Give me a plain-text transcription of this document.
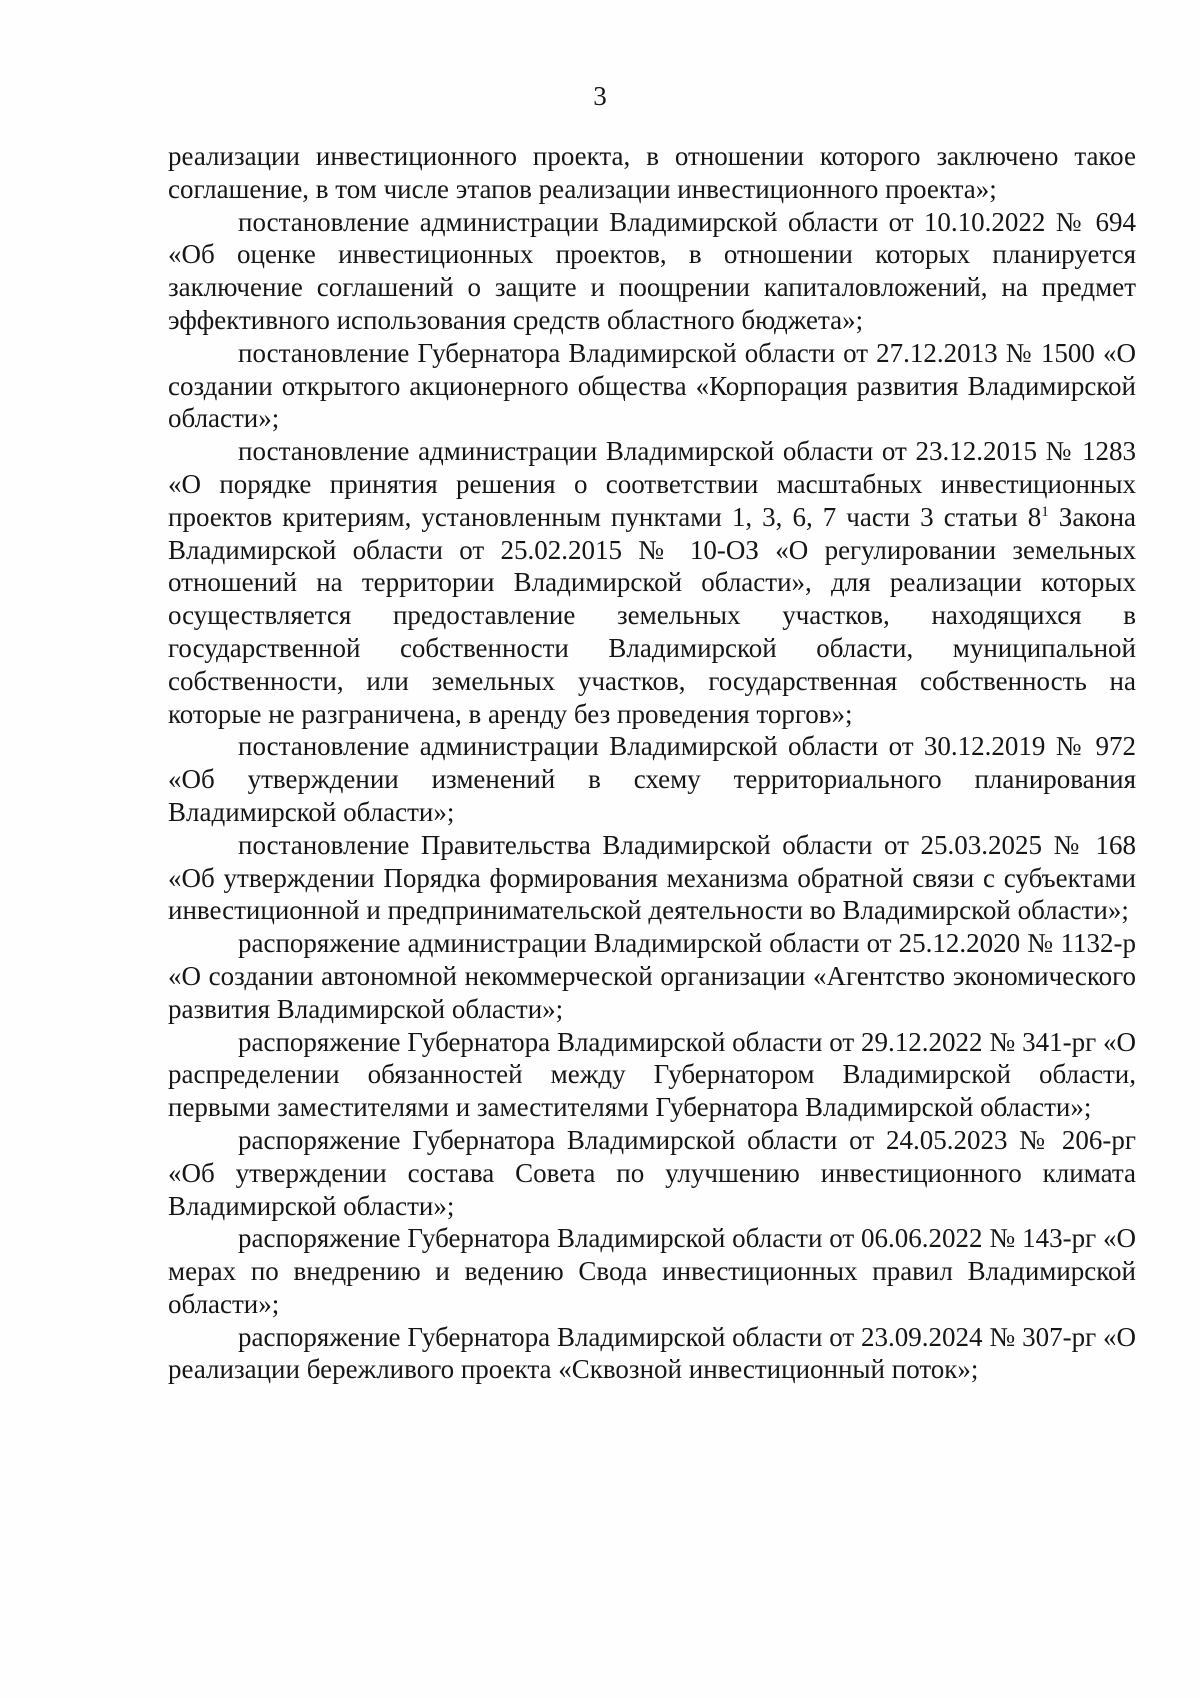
3

реализации инвестиционного проекта, в отношении которого заключено такое соглашение, в том числе этапов реализации инвестиционного проекта»;

постановление администрации Владимирской области от 10.10.2022 № 694 «Об оценке инвестиционных проектов, в отношении которых планируется заключение соглашений о защите и поощрении капиталовложений, на предмет эффективного использования средств областного бюджета»;

постановление Губернатора Владимирской области от 27.12.2013 № 1500 «О создании открытого акционерного общества «Корпорация развития Владимирской области»;

постановление администрации Владимирской области от 23.12.2015 № 1283 «О порядке принятия решения о соответствии масштабных инвестиционных проектов критериям, установленным пунктами 1, 3, 6, 7 части 3 статьи $8^1$ Закона Владимирской области от 25.02.2015 № 10-ОЗ «О регулировании земельных отношений на территории Владимирской области», для реализации которых осуществляется предоставление земельных участков, находящихся в государственной собственности Владимирской области, муниципальной собственности, или земельных участков, государственная собственность на которые не разграничена, в аренду без проведения торгов»;

постановление администрации Владимирской области от 30.12.2019 № 972 «Об утверждении изменений в схему территориального планирования Владимирской области»;

постановление Правительства Владимирской области от 25.03.2025 № 168 «Об утверждении Порядка формирования механизма обратной связи с субъектами инвестиционной и предпринимательской деятельности во Владимирской области»;

распоряжение администрации Владимирской области от 25.12.2020 № 1132-р «О создании автономной некоммерческой организации «Агентство экономического развития Владимирской области»;

распоряжение Губернатора Владимирской области от 29.12.2022 № 341-рг «О распределении обязанностей между Губернатором Владимирской области, первыми заместителями и заместителями Губернатора Владимирской области»;

распоряжение Губернатора Владимирской области от 24.05.2023 № 206-рг «Об утверждении состава Совета по улучшению инвестиционного климата Владимирской области»;

распоряжение Губернатора Владимирской области от 06.06.2022 № 143-рг «О мерах по внедрению и ведению Свода инвестиционных правил Владимирской области»;

распоряжение Губернатора Владимирской области от 23.09.2024 № 307-рг «О реализации бережливого проекта «Сквозной инвестиционный поток»;
